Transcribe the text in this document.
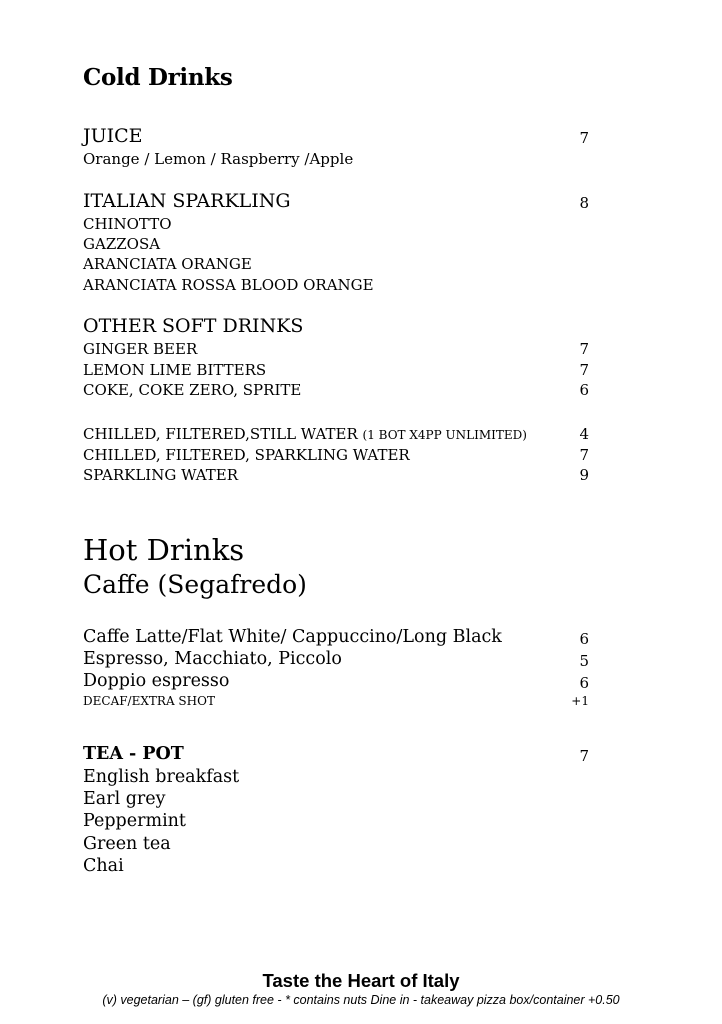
Cold Drinks
JUICE	7
Orange / Lemon / Raspberry /Apple
ITALIAN SPARKLING	8
CHINOTTO
GAZZOSA
ARANCIATA ORANGE
ARANCIATA ROSSA BLOOD ORANGE
OTHER SOFT DRINKS
GINGER BEER	7
LEMON LIME BITTERS	7
COKE, COKE ZERO, SPRITE	6
CHILLED, FILTERED,STILL WATER (1 BOT X4PP UNLIMITED)	4
CHILLED, FILTERED, SPARKLING WATER	7
SPARKLING WATER	9
Hot Drinks
Caffe (Segafredo)
Caffe Latte/Flat White/ Cappuccino/Long Black	6
Espresso, Macchiato, Piccolo	5
Doppio espresso	6
DECAF/EXTRA SHOT	+1
TEA - POT	7
English breakfast
Earl grey
Peppermint
Green tea
Chai
Taste the Heart of Italy
(v) vegetarian – (gf) gluten free - * contains nuts Dine in - takeaway pizza box/container +0.50
